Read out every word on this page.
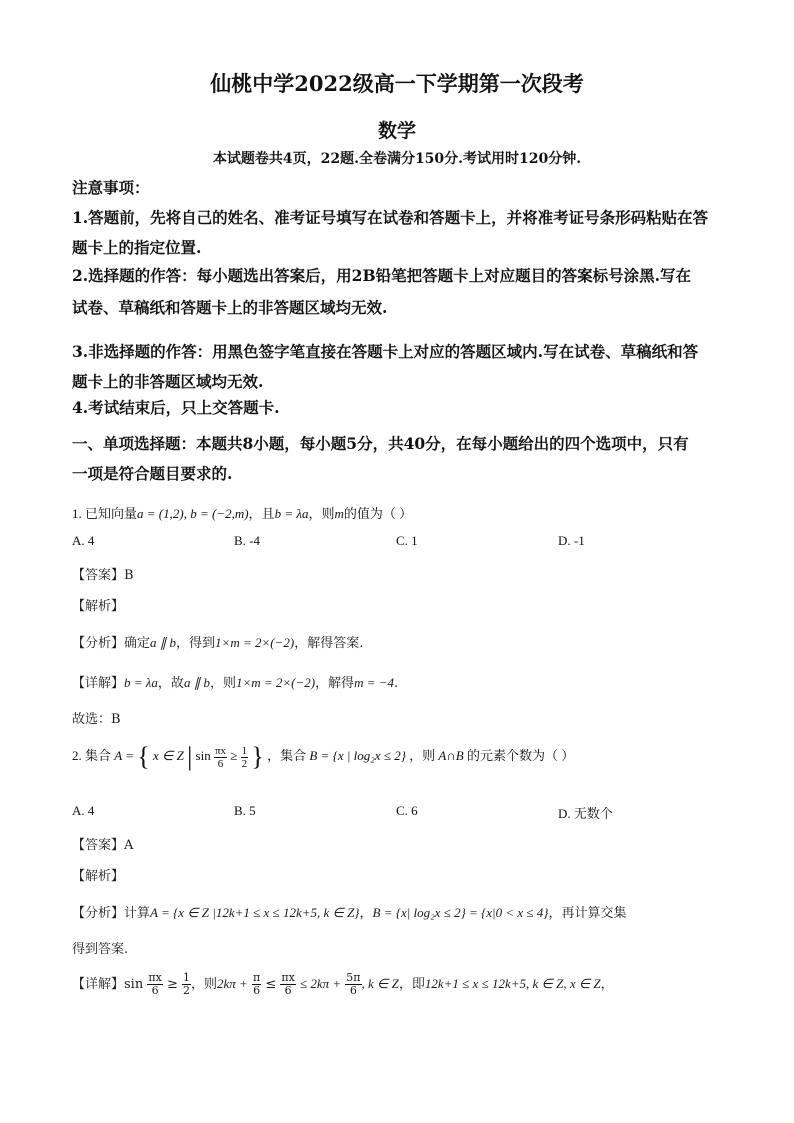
仙桃中学2022级高一下学期第一次段考
数学
本试题卷共4页，22题.全卷满分150分.考试用时120分钟.
注意事项：
1.答题前，先将自己的姓名、准考证号填写在试卷和答题卡上，并将准考证号条形码粘贴在答
题卡上的指定位置.
2.选择题的作答：每小题选出答案后，用2B铅笔把答题卡上对应题目的答案标号涂黑.写在
试卷、草稿纸和答题卡上的非答题区域均无效.
3.非选择题的作答：用黑色签字笔直接在答题卡上对应的答题区域内.写在试卷、草稿纸和答
题卡上的非答题区域均无效.
4.考试结束后，只上交答题卡.
一、单项选择题：本题共8小题，每小题5分，共40分，在每小题给出的四个选项中，只有
一项是符合题目要求的.
1. 已知向量a = (1,2), b = (−2,m)，且b = λa，则m的值为（ ）
A. 4	B. -4	C. 1	D. -1
【答案】B
【解析】
【分析】确定a ∥ b，得到1×m = 2×(−2)，解得答案.
【详解】b = λa，故a ∥ b，则1×m = 2×(−2)，解得m = −4.
故选：B
2. 集合 A = { x ∈ Z | $\sin \frac{\pi x}{6} \ge \frac{1}{2}$ } ，集合 B = {x | log₂x ≤ 2} ，则 A∩B 的元素个数为（ ）
A. 4	B. 5	C. 6	D. 无数个
【答案】A
【解析】
【分析】计算A = {x ∈ Z |12k+1 ≤ x ≤ 12k+5, k ∈ Z}，B = {x| log₂x ≤ 2} = {x|0 < x ≤ 4}，再计算交集
得到答案.
【详解】$\sin \frac{\pi x}{6} \ge \frac{1}{2}$ ，则$2k\pi + \frac{\pi}{6} \le \frac{\pi x}{6} \le 2k\pi + \frac{5\pi}{6}$ , k ∈ Z，即12k+1 ≤ x ≤ 12k+5, k ∈ Z, x ∈ Z，
